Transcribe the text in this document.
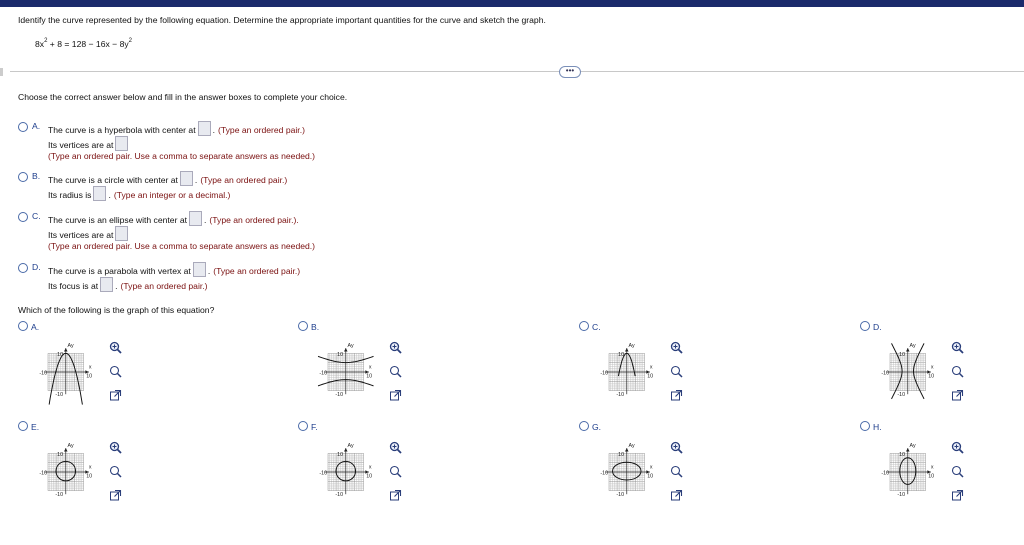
Identify the curve represented by the following equation. Determine the appropriate important quantities for the curve and sketch the graph.
$8x^2 + 8 = 128 - 16x - 8y^2$
•••
Choose the correct answer below and fill in the answer boxes to complete your choice.
A. The curve is a hyperbola with center at . (Type an ordered pair.)
Its vertices are at
(Type an ordered pair. Use a comma to separate answers as needed.)
B. The curve is a circle with center at . (Type an ordered pair.)
Its radius is . (Type an integer or a decimal.)
C. The curve is an ellipse with center at . (Type an ordered pair.).
Its vertices are at
(Type an ordered pair. Use a comma to separate answers as needed.)
D. The curve is a parabola with vertex at . (Type an ordered pair.)
Its focus is at . (Type an ordered pair.)
Which of the following is the graph of this equation?
A.
Ay
10
x
10
-10
-10
B.
Ay
10
x
10
-10
-10
C.
Ay
10
x
10
-10
-10
D.
Ay
10
x
10
-10
-10
E.
Ay
10
x
10
-10
-10
F.
Ay
10
x
10
-10
-10
G.
Ay
10
x
10
-10
-10
H.
Ay
10
x
10
-10
-10
